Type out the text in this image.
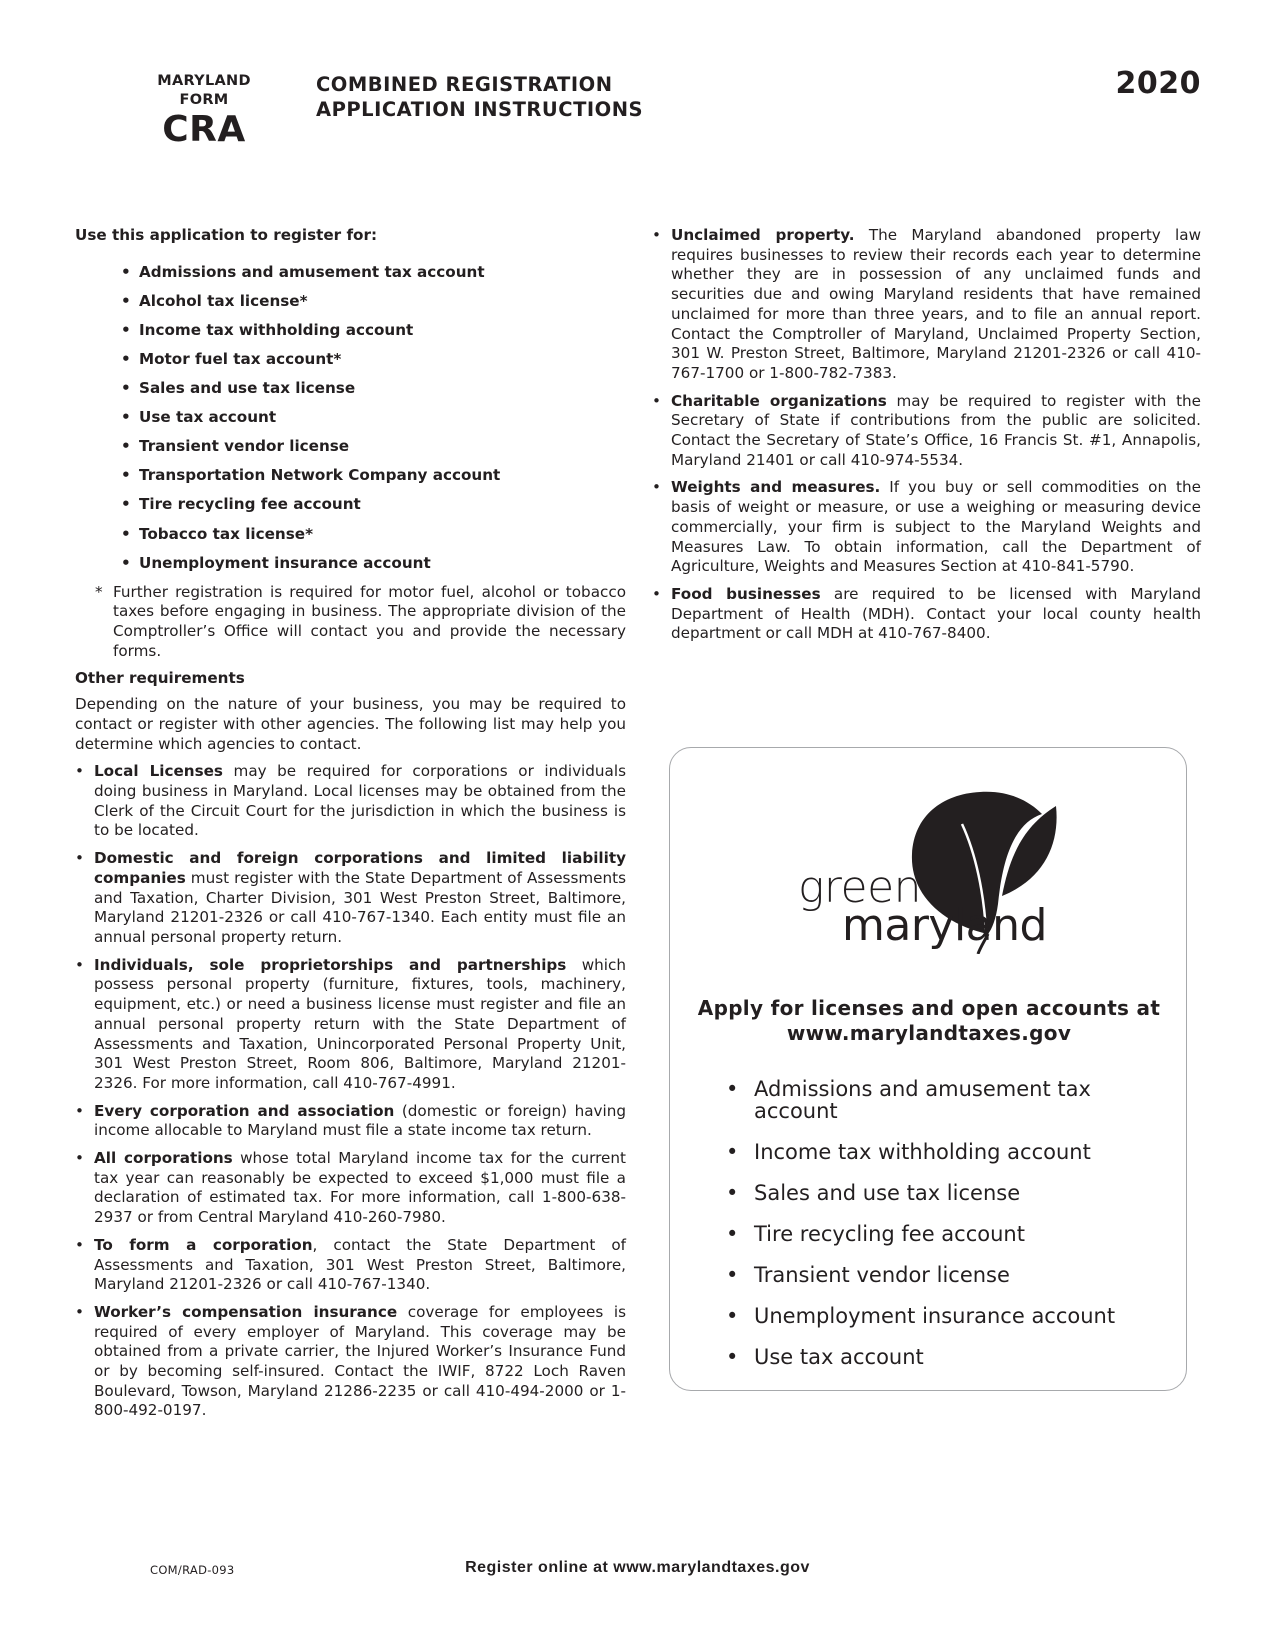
MARYLAND
FORM
CRA
COMBINED REGISTRATION
APPLICATION INSTRUCTIONS
2020

Use this application to register for:

• Admissions and amusement tax account
• Alcohol tax license*
• Income tax withholding account
• Motor fuel tax account*
• Sales and use tax license
• Use tax account
• Transient vendor license
• Transportation Network Company account
• Tire recycling fee account
• Tobacco tax license*
• Unemployment insurance account

* Further registration is required for motor fuel, alcohol or tobacco taxes before engaging in business. The appropriate division of the Comptroller’s Office will contact you and provide the necessary forms.

Other requirements

Depending on the nature of your business, you may be required to contact or register with other agencies. The following list may help you determine which agencies to contact.

• Local Licenses may be required for corporations or individuals doing business in Maryland. Local licenses may be obtained from the Clerk of the Circuit Court for the jurisdiction in which the business is to be located.
• Domestic and foreign corporations and limited liability companies must register with the State Department of Assessments and Taxation, Charter Division, 301 West Preston Street, Baltimore, Maryland 21201-2326 or call 410-767-1340. Each entity must file an annual personal property return.
• Individuals, sole proprietorships and partnerships which possess personal property (furniture, fixtures, tools, machinery, equipment, etc.) or need a business license must register and file an annual personal property return with the State Department of Assessments and Taxation, Unincorporated Personal Property Unit, 301 West Preston Street, Room 806, Baltimore, Maryland 21201-2326. For more information, call 410-767-4991.
• Every corporation and association (domestic or foreign) having income allocable to Maryland must file a state income tax return.
• All corporations whose total Maryland income tax for the current tax year can reasonably be expected to exceed $1,000 must file a declaration of estimated tax. For more information, call 1-800-638-2937 or from Central Maryland 410-260-7980.
• To form a corporation, contact the State Department of Assessments and Taxation, 301 West Preston Street, Baltimore, Maryland 21201-2326 or call 410-767-1340.
• Worker’s compensation insurance coverage for employees is required of every employer of Maryland. This coverage may be obtained from a private carrier, the Injured Worker’s Insurance Fund or by becoming self-insured. Contact the IWIF, 8722 Loch Raven Boulevard, Towson, Maryland 21286-2235 or call 410-494-2000 or 1-800-492-0197.
• Unclaimed property. The Maryland abandoned property law requires businesses to review their records each year to determine whether they are in possession of any unclaimed funds and securities due and owing Maryland residents that have remained unclaimed for more than three years, and to file an annual report. Contact the Comptroller of Maryland, Unclaimed Property Section, 301 W. Preston Street, Baltimore, Maryland 21201-2326 or call 410-767-1700 or 1-800-782-7383.
• Charitable organizations may be required to register with the Secretary of State if contributions from the public are solicited. Contact the Secretary of State’s Office, 16 Francis St. #1, Annapolis, Maryland 21401 or call 410-974-5534.
• Weights and measures. If you buy or sell commodities on the basis of weight or measure, or use a weighing or measuring device commercially, your firm is subject to the Maryland Weights and Measures Law. To obtain information, call the Department of Agriculture, Weights and Measures Section at 410-841-5790.
• Food businesses are required to be licensed with Maryland Department of Health (MDH). Contact your local county health department or call MDH at 410-767-8400.
green
maryland
Apply for licenses and open accounts at
www.marylandtaxes.gov
• Admissions and amusement tax account
• Income tax withholding account
• Sales and use tax license
• Tire recycling fee account
• Transient vendor license
• Unemployment insurance account
• Use tax account
COM/RAD-093	Register online at www.marylandtaxes.gov
